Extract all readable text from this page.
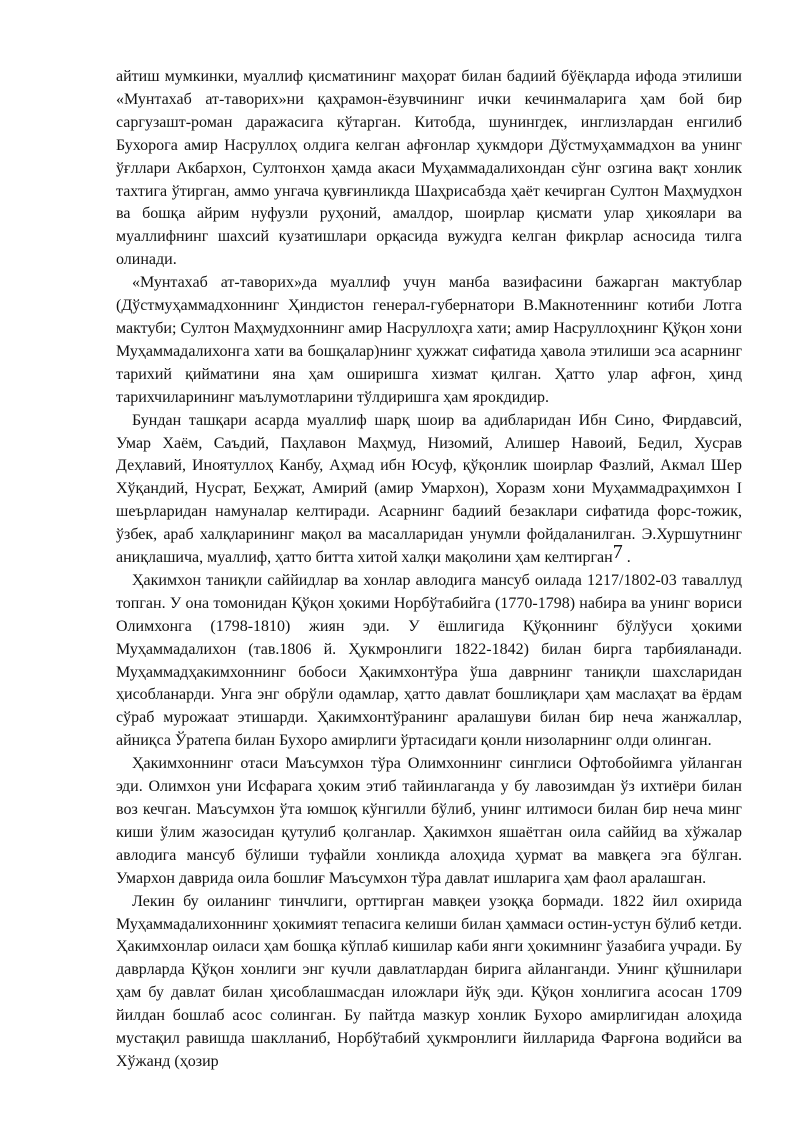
айтиш мумкинки, муаллиф қисматининг маҳорат билан бадиий бўёқларда ифода этилиши «Мунтахаб ат-таворих»ни қаҳрамон-ёзувчининг ички кечинмаларига ҳам бой бир саргузашт-роман даражасига кўтарган. Китобда, шунингдек, инглизлардан енгилиб Бухорога амир Насруллоҳ олдига келган афғонлар ҳукмдори Дўстмуҳаммадхон ва унинг ўғллари Акбархон, Султонхон ҳамда акаси Муҳаммадалихондан сўнг озгина вақт хонлик тахтига ўтирган, аммо унгача қувғинликда Шаҳрисабзда ҳаёт кечирган Султон Маҳмудхон ва бошқа айрим нуфузли руҳоний, амалдор, шоирлар қисмати улар ҳикоялари ва муаллифнинг шахсий кузатишлари орқасида вужудга келган фикрлар асносида тилга олинади.

«Мунтахаб ат-таворих»да муаллиф учун манба вазифасини бажарган мактублар (Дўстмуҳаммадхоннинг Ҳиндистон генерал-губернатори В.Макнотеннинг котиби Лотга мактуби; Султон Маҳмудхоннинг амир Насруллоҳга хати; амир Насруллоҳнинг Қўқон хони Муҳаммадалихонга хати ва бошқалар)нинг ҳужжат сифатида ҳавола этилиши эса асарнинг тарихий қийматини яна ҳам оширишга хизмат қилган. Ҳатто улар афғон, ҳинд тарихчиларининг маълумотларини тўлдиришга ҳам ярокдидир.

Бундан ташқари асарда муаллиф шарқ шоир ва адибларидан Ибн Сино, Фирдавсий, Умар Хаём, Саъдий, Паҳлавон Маҳмуд, Низомий, Алишер Навоий, Бедил, Хусрав Деҳлавий, Иноятуллоҳ Канбу, Аҳмад ибн Юсуф, қўқонлик шоирлар Фазлий, Акмал Шер Хўқандий, Нусрат, Беҳжат, Амирий (амир Умархон), Хоразм хони Муҳаммадраҳимхон I шеърларидан намуналар келтиради. Асарнинг бадиий безаклари сифатида форс-тожик, ўзбек, араб халқларининг мақол ва масалларидан унумли фойдаланилган. Э.Хуршутнинг аниқлашича, муаллиф, ҳатто битта хитой халқи мақолини ҳам келтирган7 .

Ҳакимхон таниқли саййидлар ва хонлар авлодига мансуб оилада 1217/1802-03 таваллуд топган. У она томонидан Қўқон ҳокими Норбўтабийга (1770-1798) набира ва унинг вориси Олимхонга (1798-1810) жиян эди. У ёшлигида Қўқоннинг бўлўуси ҳокими Муҳаммадалихон (тав.1806 й. Ҳукмронлиги 1822-1842) билан бирга тарбияланади. Муҳаммадҳакимхоннинг бобоси Ҳакимхонтўра ўша даврнинг таниқли шахсларидан ҳисобланарди. Унга энг обрўли одамлар, ҳатто давлат бошлиқлари ҳам маслаҳат ва ёрдам сўраб мурожаат этишарди. Ҳакимхонтўранинг аралашуви билан бир неча жанжаллар, айниқса Ўратепа билан Бухоро амирлиги ўртасидаги қонли низоларнинг олди олинган.

Ҳакимхоннинг отаси Маъсумхон тўра Олимхоннинг синглиси Офтобойимга уйланган эди. Олимхон уни Исфарага ҳоким этиб тайинлаганда у бу лавозимдан ўз ихтиёри билан воз кечган. Маъсумхон ўта юмшоқ кўнгилли бўлиб, унинг илтимоси билан бир неча минг киши ўлим жазосидан қутулиб қолганлар. Ҳакимхон яшаётган оила саййид ва хўжалар авлодига мансуб бўлиши туфайли хонликда алоҳида ҳурмат ва мавқега эга бўлган. Умархон даврида оила бошлиғ Маъсумхон тўра давлат ишларига ҳам фаол аралашган.

Лекин бу оиланинг тинчлиги, орттирган мавқеи узоққа бормади. 1822 йил охирида Муҳаммадалихоннинг ҳокимият тепасига келиши билан ҳаммаси остин-устун бўлиб кетди. Ҳакимхонлар оиласи ҳам бошқа кўплаб кишилар каби янги ҳокимнинг ўазабига учради. Бу даврларда Қўқон хонлиги энг кучли давлатлардан бирига айланганди. Унинг қўшнилари ҳам бу давлат билан ҳисоблашмасдан иложлари йўқ эди. Қўқон хонлигига асосан 1709 йилдан бошлаб асос солинган. Бу пайтда мазкур хонлик Бухоро амирлигидан алоҳида мустақил равишда шаклланиб, Норбўтабий ҳукмронлиги йилларида Фарғона водийси ва Хўжанд (ҳозир
